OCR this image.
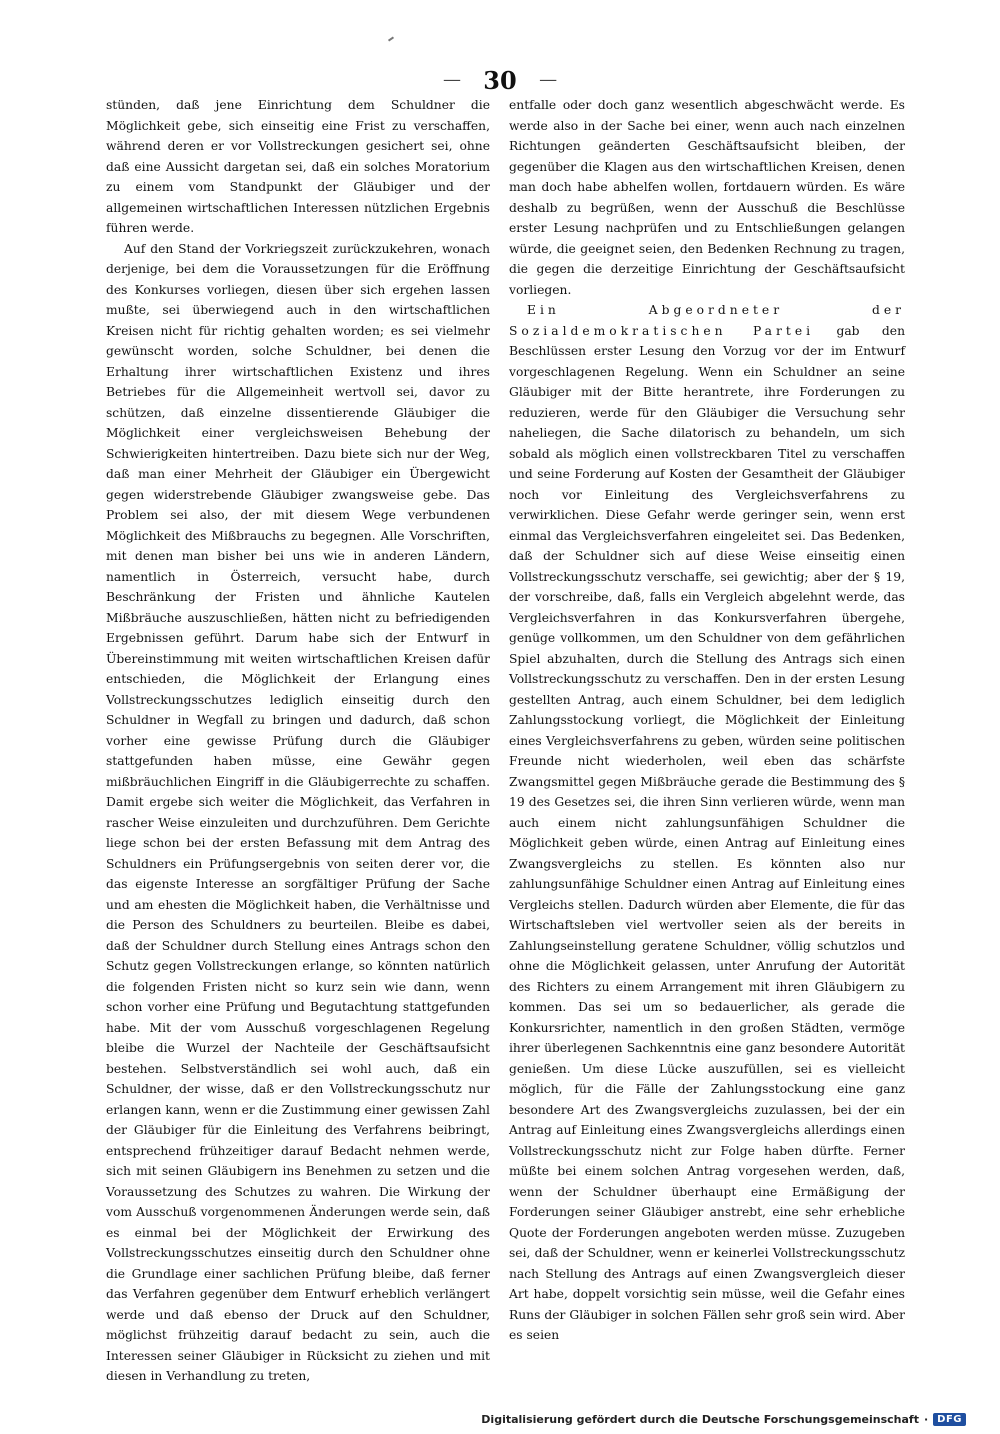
— 30 —

stünden, daß jene Einrichtung dem Schuldner die Möglichkeit gebe, sich einseitig eine Frist zu verschaffen, während deren er vor Vollstreckungen gesichert sei, ohne daß eine Aussicht dargetan sei, daß ein solches Moratorium zu einem vom Standpunkt der Gläubiger und der allgemeinen wirtschaftlichen Interessen nützlichen Ergebnis führen werde.

Auf den Stand der Vorkriegszeit zurückzukehren, wonach derjenige, bei dem die Voraussetzungen für die Eröffnung des Konkurses vorliegen, diesen über sich ergehen lassen mußte, sei überwiegend auch in den wirtschaftlichen Kreisen nicht für richtig gehalten worden; es sei vielmehr gewünscht worden, solche Schuldner, bei denen die Erhaltung ihrer wirtschaftlichen Existenz und ihres Betriebes für die Allgemeinheit wertvoll sei, davor zu schützen, daß einzelne dissentierende Gläubiger die Möglichkeit einer vergleichsweisen Behebung der Schwierigkeiten hintertreiben. Dazu biete sich nur der Weg, daß man einer Mehrheit der Gläubiger ein Übergewicht gegen widerstrebende Gläubiger zwangsweise gebe. Das Problem sei also, der mit diesem Wege verbundenen Möglichkeit des Mißbrauchs zu begegnen. Alle Vorschriften, mit denen man bisher bei uns wie in anderen Ländern, namentlich in Österreich, versucht habe, durch Beschränkung der Fristen und ähnliche Kautelen Mißbräuche auszuschließen, hätten nicht zu befriedigenden Ergebnissen geführt. Darum habe sich der Entwurf in Übereinstimmung mit weiten wirtschaftlichen Kreisen dafür entschieden, die Möglichkeit der Erlangung eines Vollstreckungsschutzes lediglich einseitig durch den Schuldner in Wegfall zu bringen und dadurch, daß schon vorher eine gewisse Prüfung durch die Gläubiger stattgefunden haben müsse, eine Gewähr gegen mißbräuchlichen Eingriff in die Gläubigerrechte zu schaffen. Damit ergebe sich weiter die Möglichkeit, das Verfahren in rascher Weise einzuleiten und durchzuführen. Dem Gerichte liege schon bei der ersten Befassung mit dem Antrag des Schuldners ein Prüfungsergebnis von seiten derer vor, die das eigenste Interesse an sorgfältiger Prüfung der Sache und am ehesten die Möglichkeit haben, die Verhältnisse und die Person des Schuldners zu beurteilen. Bleibe es dabei, daß der Schuldner durch Stellung eines Antrags schon den Schutz gegen Vollstreckungen erlange, so könnten natürlich die folgenden Fristen nicht so kurz sein wie dann, wenn schon vorher eine Prüfung und Begutachtung stattgefunden habe. Mit der vom Ausschuß vorgeschlagenen Regelung bleibe die Wurzel der Nachteile der Geschäftsaufsicht bestehen. Selbstverständlich sei wohl auch, daß ein Schuldner, der wisse, daß er den Vollstreckungsschutz nur erlangen kann, wenn er die Zustimmung einer gewissen Zahl der Gläubiger für die Einleitung des Verfahrens beibringt, entsprechend frühzeitiger darauf Bedacht nehmen werde, sich mit seinen Gläubigern ins Benehmen zu setzen und die Voraussetzung des Schutzes zu wahren. Die Wirkung der vom Ausschuß vorgenommenen Änderungen werde sein, daß es einmal bei der Möglichkeit der Erwirkung des Vollstreckungsschutzes einseitig durch den Schuldner ohne die Grundlage einer sachlichen Prüfung bleibe, daß ferner das Verfahren gegenüber dem Entwurf erheblich verlängert werde und daß ebenso der Druck auf den Schuldner, möglichst frühzeitig darauf bedacht zu sein, auch die Interessen seiner Gläubiger in Rücksicht zu ziehen und mit diesen in Verhandlung zu treten,

entfalle oder doch ganz wesentlich abgeschwächt werde. Es werde also in der Sache bei einer, wenn auch nach einzelnen Richtungen geänderten Geschäftsaufsicht bleiben, der gegenüber die Klagen aus den wirtschaftlichen Kreisen, denen man doch habe abhelfen wollen, fortdauern würden. Es wäre deshalb zu begrüßen, wenn der Ausschuß die Beschlüsse erster Lesung nachprüfen und zu Entschließungen gelangen würde, die geeignet seien, den Bedenken Rechnung zu tragen, die gegen die derzeitige Einrichtung der Geschäftsaufsicht vorliegen.

Ein Abgeordneter der Sozialdemokratischen Partei gab den Beschlüssen erster Lesung den Vorzug vor der im Entwurf vorgeschlagenen Regelung. Wenn ein Schuldner an seine Gläubiger mit der Bitte herantrete, ihre Forderungen zu reduzieren, werde für den Gläubiger die Versuchung sehr naheliegen, die Sache dilatorisch zu behandeln, um sich sobald als möglich einen vollstreckbaren Titel zu verschaffen und seine Forderung auf Kosten der Gesamtheit der Gläubiger noch vor Einleitung des Vergleichsverfahrens zu verwirklichen. Diese Gefahr werde geringer sein, wenn erst einmal das Vergleichsverfahren eingeleitet sei. Das Bedenken, daß der Schuldner sich auf diese Weise einseitig einen Vollstreckungsschutz verschaffe, sei gewichtig; aber der § 19, der vorschreibe, daß, falls ein Vergleich abgelehnt werde, das Vergleichsverfahren in das Konkursverfahren übergehe, genüge vollkommen, um den Schuldner von dem gefährlichen Spiel abzuhalten, durch die Stellung des Antrags sich einen Vollstreckungsschutz zu verschaffen. Den in der ersten Lesung gestellten Antrag, auch einem Schuldner, bei dem lediglich Zahlungsstockung vorliegt, die Möglichkeit der Einleitung eines Vergleichsverfahrens zu geben, würden seine politischen Freunde nicht wiederholen, weil eben das schärfste Zwangsmittel gegen Mißbräuche gerade die Bestimmung des § 19 des Gesetzes sei, die ihren Sinn verlieren würde, wenn man auch einem nicht zahlungsunfähigen Schuldner die Möglichkeit geben würde, einen Antrag auf Einleitung eines Zwangsvergleichs zu stellen. Es könnten also nur zahlungsunfähige Schuldner einen Antrag auf Einleitung eines Vergleichs stellen. Dadurch würden aber Elemente, die für das Wirtschaftsleben viel wertvoller seien als der bereits in Zahlungseinstellung geratene Schuldner, völlig schutzlos und ohne die Möglichkeit gelassen, unter Anrufung der Autorität des Richters zu einem Arrangement mit ihren Gläubigern zu kommen. Das sei um so bedauerlicher, als gerade die Konkursrichter, namentlich in den großen Städten, vermöge ihrer überlegenen Sachkenntnis eine ganz besondere Autorität genießen. Um diese Lücke auszufüllen, sei es vielleicht möglich, für die Fälle der Zahlungsstockung eine ganz besondere Art des Zwangsvergleichs zuzulassen, bei der ein Antrag auf Einleitung eines Zwangsvergleichs allerdings einen Vollstreckungsschutz nicht zur Folge haben dürfte. Ferner müßte bei einem solchen Antrag vorgesehen werden, daß, wenn der Schuldner überhaupt eine Ermäßigung der Forderungen seiner Gläubiger anstrebt, eine sehr erhebliche Quote der Forderungen angeboten werden müsse. Zuzugeben sei, daß der Schuldner, wenn er keinerlei Vollstreckungsschutz nach Stellung des Antrags auf einen Zwangsvergleich dieser Art habe, doppelt vorsichtig sein müsse, weil die Gefahr eines Runs der Gläubiger in solchen Fällen sehr groß sein wird. Aber es seien

Digitalisierung gefördert durch die Deutsche Forschungsgemeinschaft · DFG
